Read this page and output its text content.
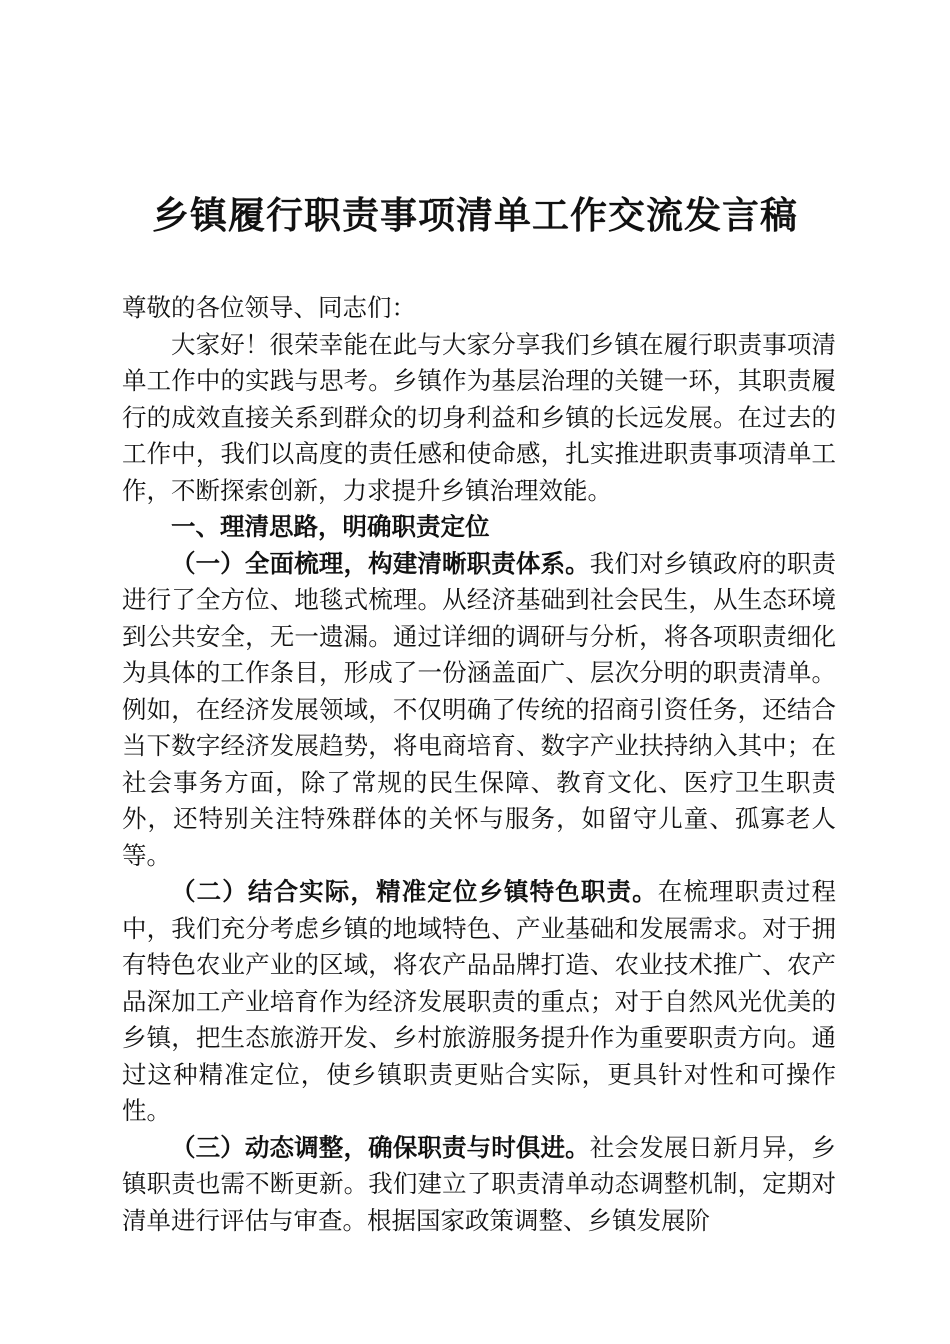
乡镇履行职责事项清单工作交流发言稿

尊敬的各位领导、同志们：

大家好！很荣幸能在此与大家分享我们乡镇在履行职责事项清单工作中的实践与思考。乡镇作为基层治理的关键一环，其职责履行的成效直接关系到群众的切身利益和乡镇的长远发展。在过去的工作中，我们以高度的责任感和使命感，扎实推进职责事项清单工作，不断探索创新，力求提升乡镇治理效能。

一、理清思路，明确职责定位

（一）全面梳理，构建清晰职责体系。我们对乡镇政府的职责进行了全方位、地毯式梳理。从经济基础到社会民生，从生态环境到公共安全，无一遗漏。通过详细的调研与分析，将各项职责细化为具体的工作条目，形成了一份涵盖面广、层次分明的职责清单。例如，在经济发展领域，不仅明确了传统的招商引资任务，还结合当下数字经济发展趋势，将电商培育、数字产业扶持纳入其中；在社会事务方面，除了常规的民生保障、教育文化、医疗卫生职责外，还特别关注特殊群体的关怀与服务，如留守儿童、孤寡老人等。

（二）结合实际，精准定位乡镇特色职责。在梳理职责过程中，我们充分考虑乡镇的地域特色、产业基础和发展需求。对于拥有特色农业产业的区域，将农产品品牌打造、农业技术推广、农产品深加工产业培育作为经济发展职责的重点；对于自然风光优美的乡镇，把生态旅游开发、乡村旅游服务提升作为重要职责方向。通过这种精准定位，使乡镇职责更贴合实际，更具针对性和可操作性。

（三）动态调整，确保职责与时俱进。社会发展日新月异，乡镇职责也需不断更新。我们建立了职责清单动态调整机制，定期对清单进行评估与审查。根据国家政策调整、乡镇发展阶
